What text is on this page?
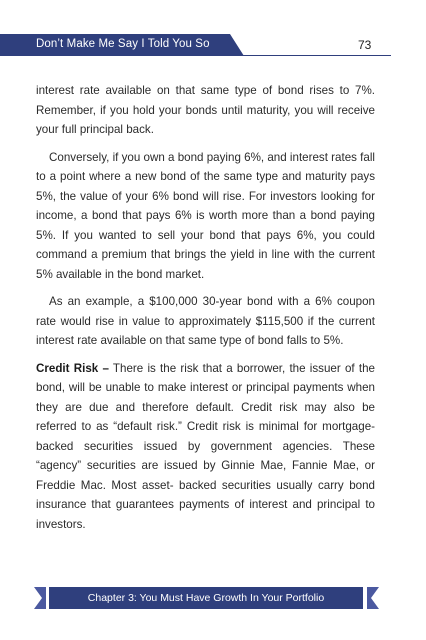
Don’t Make Me Say I Told You So	73

interest rate available on that same type of bond rises to 7%. Remember, if you hold your bonds until maturity, you will receive your full principal back.

Conversely, if you own a bond paying 6%, and interest rates fall to a point where a new bond of the same type and maturity pays 5%, the value of your 6% bond will rise. For investors looking for income, a bond that pays 6% is worth more than a bond paying 5%. If you wanted to sell your bond that pays 6%, you could command a premium that brings the yield in line with the current 5% available in the bond market.

As an example, a $100,000 30-year bond with a 6% coupon rate would rise in value to approximately $115,500 if the current interest rate available on that same type of bond falls to 5%.

Credit Risk – There is the risk that a borrower, the issuer of the bond, will be unable to make interest or principal payments when they are due and therefore default. Credit risk may also be referred to as “default risk.” Credit risk is minimal for mortgage-backed securities issued by government agencies. These “agency” securities are issued by Ginnie Mae, Fannie Mae, or Freddie Mac. Most asset- backed securities usually carry bond insurance that guarantees payments of interest and principal to investors.

Chapter 3: You Must Have Growth In Your Portfolio
